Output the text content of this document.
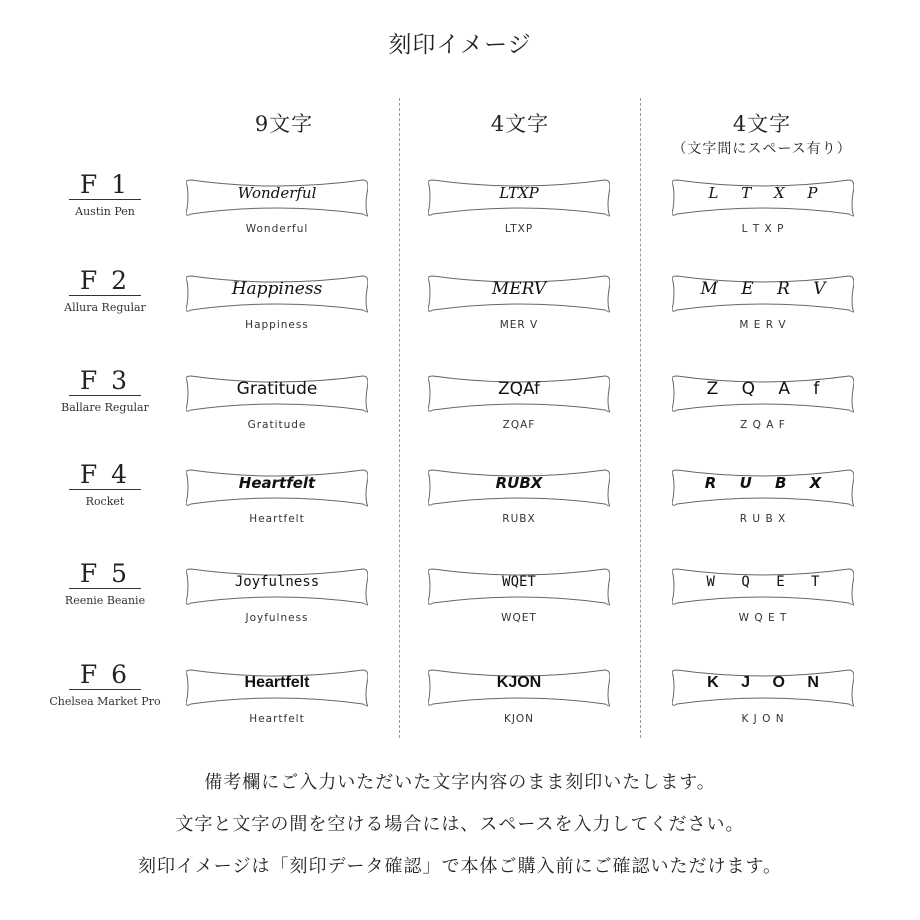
刻印イメージ
9文字	4文字	4文字
（文字間にスペース有り）
備考欄にご入力いただいた文字内容のまま刻印いたします。
文字と文字の間を空ける場合には、スペースを入力してください。
刻印イメージは「刻印データ確認」で本体ご購入前にご確認いただけます。
F 1
Austin Pen
Wonderful
Wonderful
LTXP
LTXP
L T X P
L T X P
F 2
Allura Regular
Happiness
Happiness
MERV
MER V
M E R V
M E R V
F 3
Ballare Regular
Gratitude
Gratitude
ZQAf
ZQAF
Z Q A f
Z Q A F
F 4
Rocket
Heartfelt
Heartfelt
RUBX
RUBX
R U B X
R U B X
F 5
Reenie Beanie
Joyfulness
Joyfulness
WQET
WQET
W Q E T
W Q E T
F 6
Chelsea Market Pro
Heartfelt
Heartfelt
KJON
KJON
K J O N
K J O N
